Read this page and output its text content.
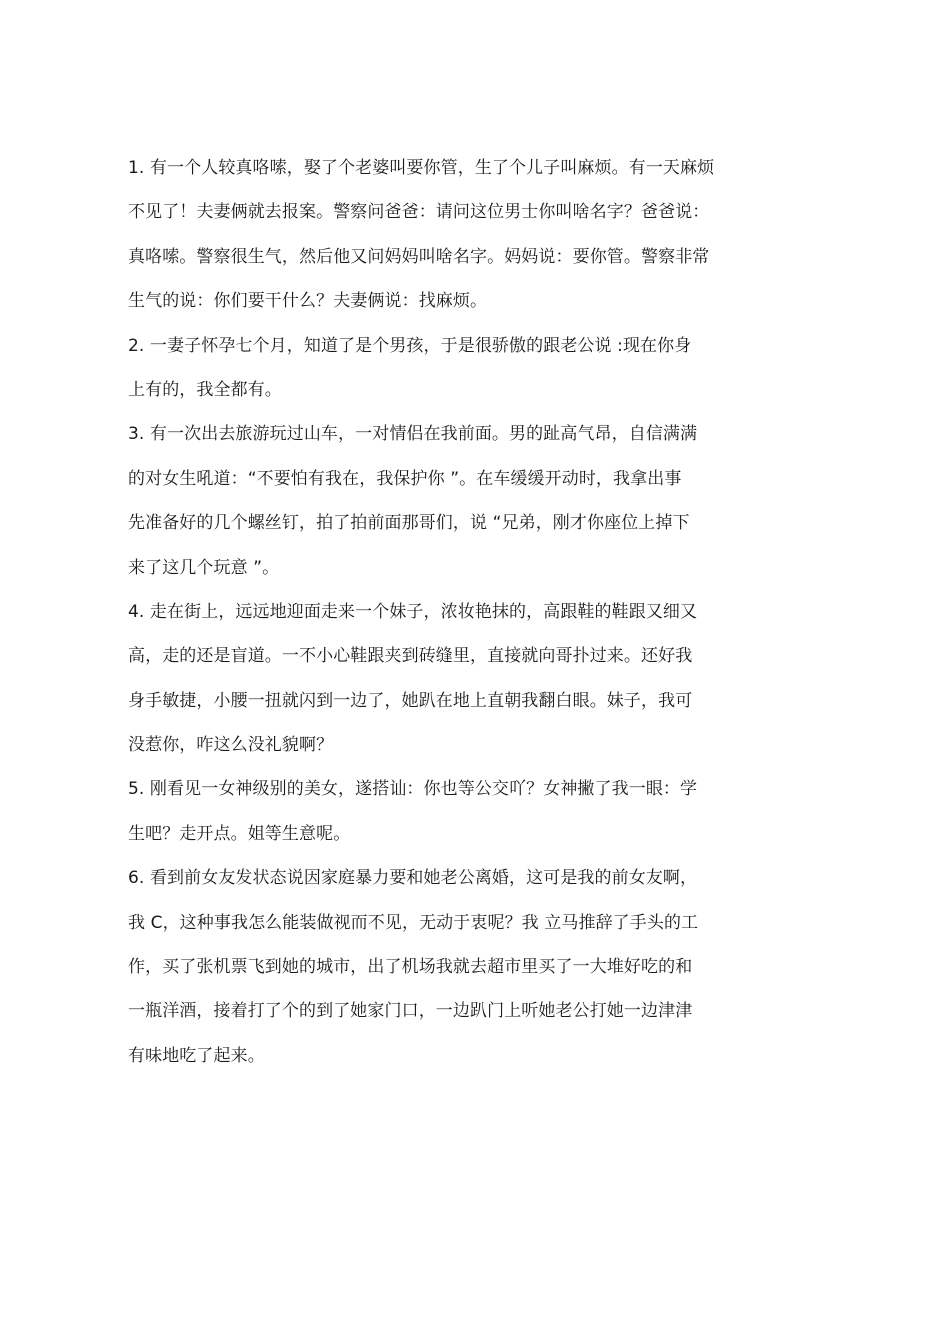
1. 有一个人较真咯嗦，娶了个老婆叫要你管，生了个儿子叫麻烦。有一天麻烦
不见了！夫妻俩就去报案。警察问爸爸：请问这位男士你叫啥名字？爸爸说：
真咯嗦。警察很生气，然后他又问妈妈叫啥名字。妈妈说：要你管。警察非常
生气的说：你们要干什么？夫妻俩说：找麻烦。
2. 一妻子怀孕七个月，知道了是个男孩，于是很骄傲的跟老公说 :现在你身
上有的，我全都有。
3. 有一次出去旅游玩过山车，一对情侣在我前面。男的趾高气昂，自信满满
的对女生吼道：“不要怕有我在，我保护你 ”。在车缓缓开动时，我拿出事
先准备好的几个螺丝钉，拍了拍前面那哥们，说 “兄弟，刚才你座位上掉下
来了这几个玩意 ”。
4. 走在街上，远远地迎面走来一个妹子，浓妆艳抹的，高跟鞋的鞋跟又细又
高，走的还是盲道。一不小心鞋跟夹到砖缝里，直接就向哥扑过来。还好我
身手敏捷，小腰一扭就闪到一边了，她趴在地上直朝我翻白眼。妹子，我可
没惹你，咋这么没礼貌啊？
5. 刚看见一女神级别的美女，遂搭讪：你也等公交吖？女神撇了我一眼：学
生吧？走开点。姐等生意呢。
6. 看到前女友发状态说因家庭暴力要和她老公离婚，这可是我的前女友啊，
我 C，这种事我怎么能装做视而不见，无动于衷呢？我 立马推辞了手头的工
作，买了张机票飞到她的城市，出了机场我就去超市里买了一大堆好吃的和
一瓶洋酒，接着打了个的到了她家门口，一边趴门上听她老公打她一边津津
有味地吃了起来。
